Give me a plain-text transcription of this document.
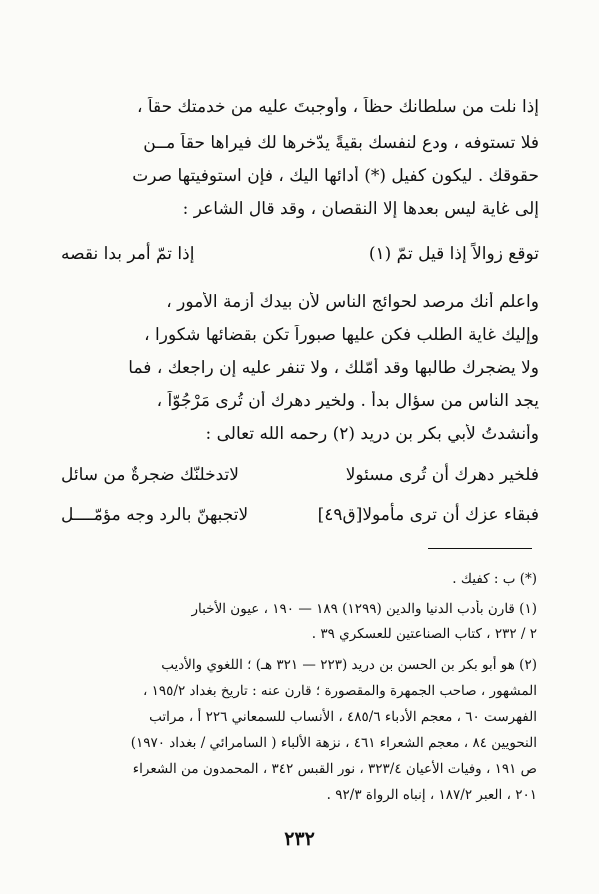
إذا نلت من سلطانك حظاً ، وأوجبتَ عليه من خدمتك حقاً ،
فلا تستوفه ، ودع لنفسك بقيةً يدّخرها لك فيراها حقاً مــن
حقوقك . ليكون كفيل (*) أدائها اليك ، فإن استوفيتها صرت
إلى غاية ليس بعدها إلا النقصان ، وقد قال الشاعر :
إذا تمّ أمر بدا نقصه	توقع زوالاً إذا قيل تمّ (١)
واعلم أنك مرصد لحوائج الناس لأن بيدك أزمة الأمور ،
وإليك غاية الطلب فكن عليها صبوراً تكن بقضائها شكورا ،
ولا يضجرك طالبها وقد أمّلك ، ولا تنفر عليه إن راجعك ، فما
يجد الناس من سؤال بدأ . ولخير دهرك أن تُرى مَرْجُوّاً ،
وأنشدتُ لأبي بكر بن دريد (٢) رحمه الله تعالى :
لاتدخلنّك ضجرةٌ من سائل	فلخير دهرك أن تُرى مسئولا
لاتجبهنّ بالرد وجه مؤمّــــل	فبقاء عزك أن ترى مأمولا[ق٤٩]
(*) ب : كفيك .
(١) قارن بأدب الدنيا والدين (١٢٩٩) ١٨٩ — ١٩٠ ، عيون الأخبار
٢ / ٢٣٢ ، كتاب الصناعتين للعسكري ٣٩ .
(٢) هو أبو بكر بن الحسن بن دريد (٢٢٣ — ٣٢١ هـ) ؛ اللغوي والأديب
المشهور ، صاحب الجمهرة والمقصورة ؛ قارن عنه : تاريخ بغداد ١٩٥/٢ ،
الفهرست ٦٠ ، معجم الأدباء ٤٨٥/٦ ، الأنساب للسمعاني ٢٢٦ أ ، مراتب
النحويين ٨٤ ، معجم الشعراء ٤٦١ ، نزهة الألباء ( السامرائي / بغداد ١٩٧٠)
ص ١٩١ ، وفيات الأعيان ٣٢٣/٤ ، نور القبس ٣٤٢ ، المحمدون من الشعراء
٢٠١ ، العبر ١٨٧/٢ ، إنباه الرواة ٩٢/٣ .
٢٣٢
